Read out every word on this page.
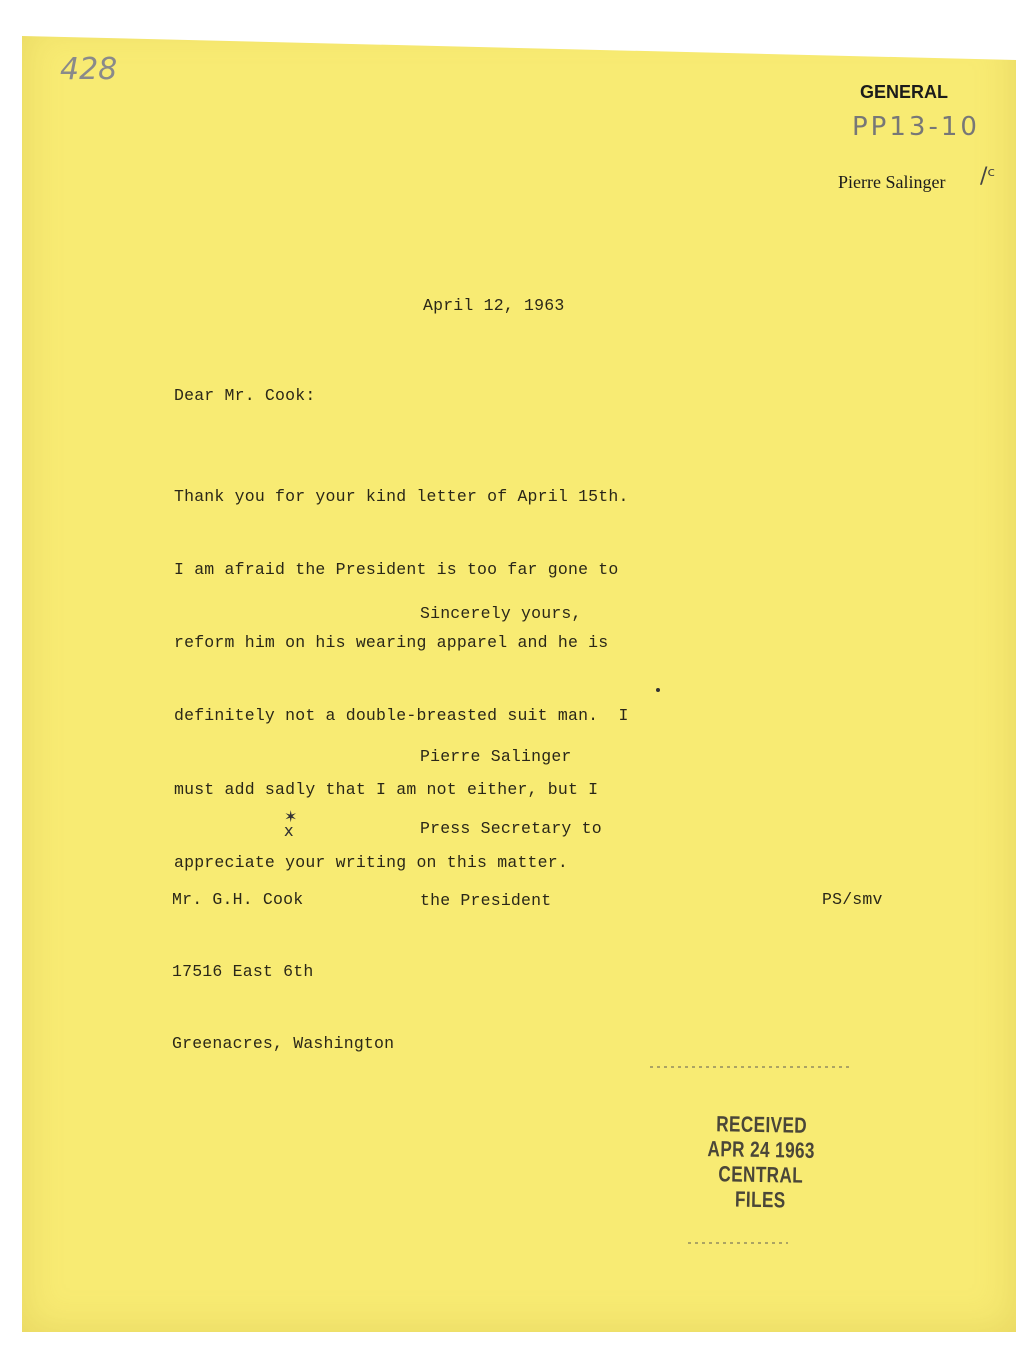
428
GENERAL
PP13-10
Pierre Salinger /ᶜ
April 12, 1963
Dear Mr. Cook:

Thank you for your kind letter of April 15th.

I am afraid the President is too far gone to

reform him on his wearing apparel and he is

definitely not a double-breasted suit man.  I

must add sadly that I am not either, but I

appreciate your writing on this matter.

Sincerely yours,

Pierre Salinger

Press Secretary to

the President

✶
x

Mr. G.H. Cook

17516 East 6th

Greenacres, Washington

PS/smv
RECEIVED
APR 24 1963
CENTRAL FILES
